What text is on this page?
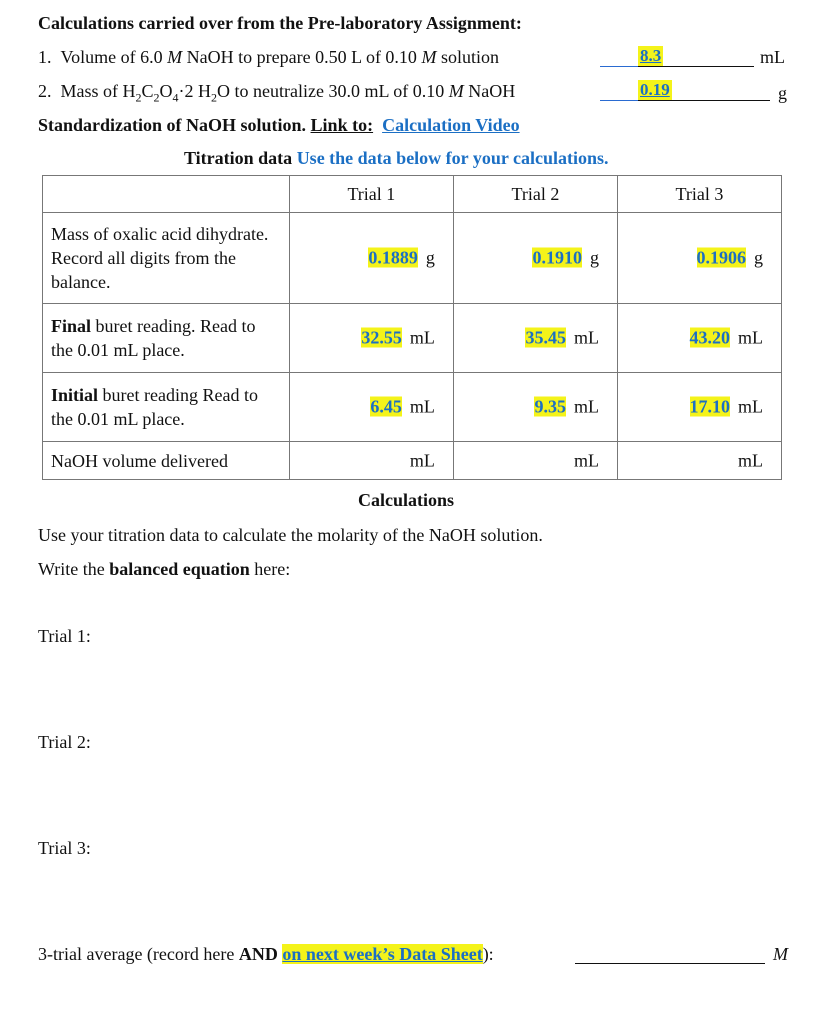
Calculations carried over from the Pre-laboratory Assignment:
1. Volume of 6.0 M NaOH to prepare 0.50 L of 0.10 M solution	8.3	mL
2.  Mass of $H_2C_2O_4\cdot 2$ $H_2O$ to neutralize 30.0 mL of 0.10 M NaOH	0.19	g
Standardization of NaOH solution. Link to: Calculation Video
Titration data Use the data below for your calculations.
	Trial 1	Trial 2	Trial 3
Mass of oxalic acid dihydrate. Record all digits from the balance.	0.1889 g	0.1910 g	0.1906 g

Final buret reading. Read to the 0.01 mL place.	32.55 mL	35.45 mL	43.20 mL

Initial buret reading Read to the 0.01 mL place.	6.45 mL	9.35 mL	17.10 mL

NaOH volume delivered	mL	mL	mL
Calculations
Use your titration data to calculate the molarity of the NaOH solution.
Write the balanced equation here:
Trial 1:
Trial 2:
Trial 3:
3-trial average (record here AND on next week’s Data Sheet):	M
